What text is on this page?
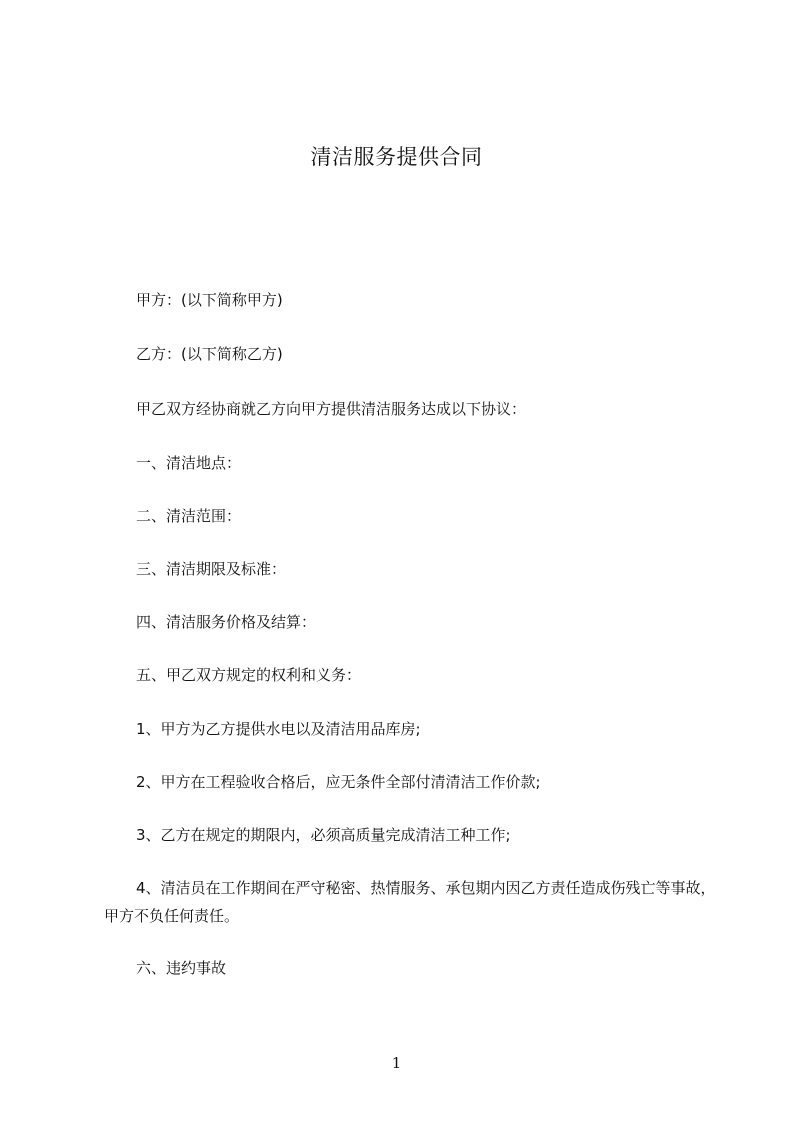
清洁服务提供合同
甲方：(以下简称甲方)
乙方：(以下简称乙方)
甲乙双方经协商就乙方向甲方提供清洁服务达成以下协议：
一、清洁地点：
二、清洁范围：
三、清洁期限及标准：
四、清洁服务价格及结算：
五、甲乙双方规定的权利和义务：
1、甲方为乙方提供水电以及清洁用品库房;
2、甲方在工程验收合格后，应无条件全部付清清洁工作价款;
3、乙方在规定的期限内，必须高质量完成清洁工种工作;
4、清洁员在工作期间在严守秘密、热情服务、承包期内因乙方责任造成伤残亡等事故，甲方不负任何责任。
六、违约事故
1
